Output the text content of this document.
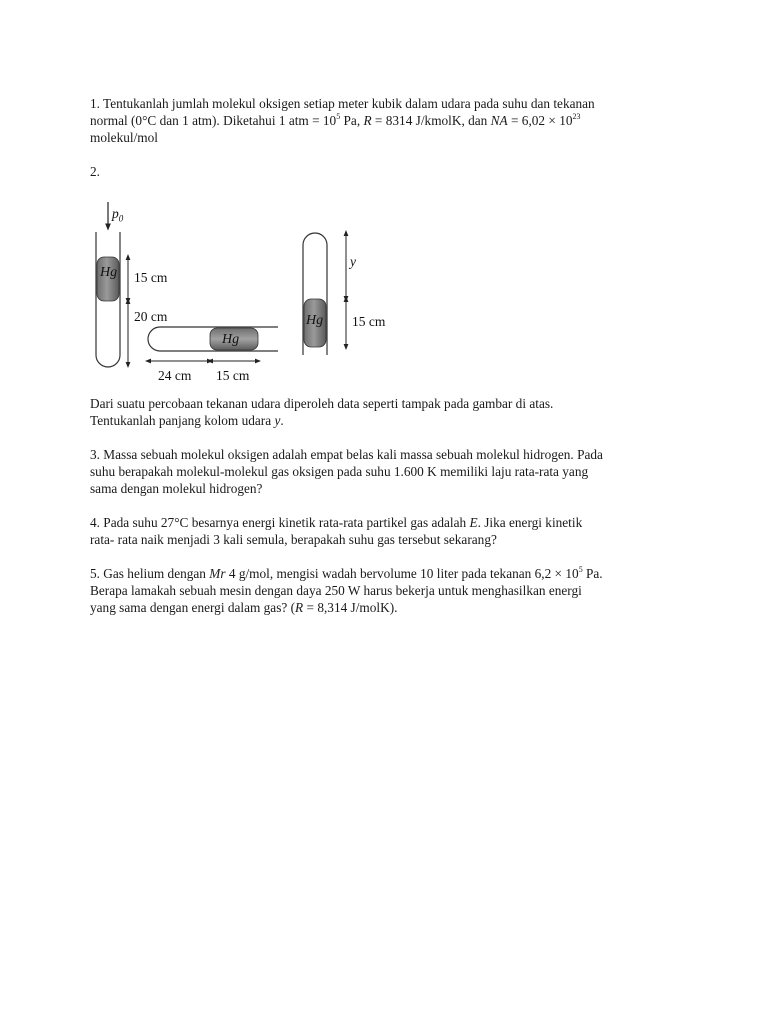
1. Tentukanlah jumlah molekul oksigen setiap meter kubik dalam udara pada suhu dan tekanan
normal (0°C dan 1 atm). Diketahui 1 atm = $10^5$ Pa, R = 8314 J/kmolK, dan NA = $6,02 \times 10^{23}$
molekul/mol

2.

$p_0$
Hg 15 cm
20 cm
Hg
24 cm 15 cm
Hg
y
15 cm

Dari suatu percobaan tekanan udara diperoleh data seperti tampak pada gambar di atas.
Tentukanlah panjang kolom udara y.

3. Massa sebuah molekul oksigen adalah empat belas kali massa sebuah molekul hidrogen. Pada
suhu berapakah molekul-molekul gas oksigen pada suhu 1.600 K memiliki laju rata-rata yang
sama dengan molekul hidrogen?

4. Pada suhu 27°C besarnya energi kinetik rata-rata partikel gas adalah E. Jika energi kinetik
rata- rata naik menjadi 3 kali semula, berapakah suhu gas tersebut sekarang?

5. Gas helium dengan Mr 4 g/mol, mengisi wadah bervolume 10 liter pada tekanan $6,2 \times 10^5$ Pa.
Berapa lamakah sebuah mesin dengan daya 250 W harus bekerja untuk menghasilkan energi
yang sama dengan energi dalam gas? (R = 8,314 J/molK).
